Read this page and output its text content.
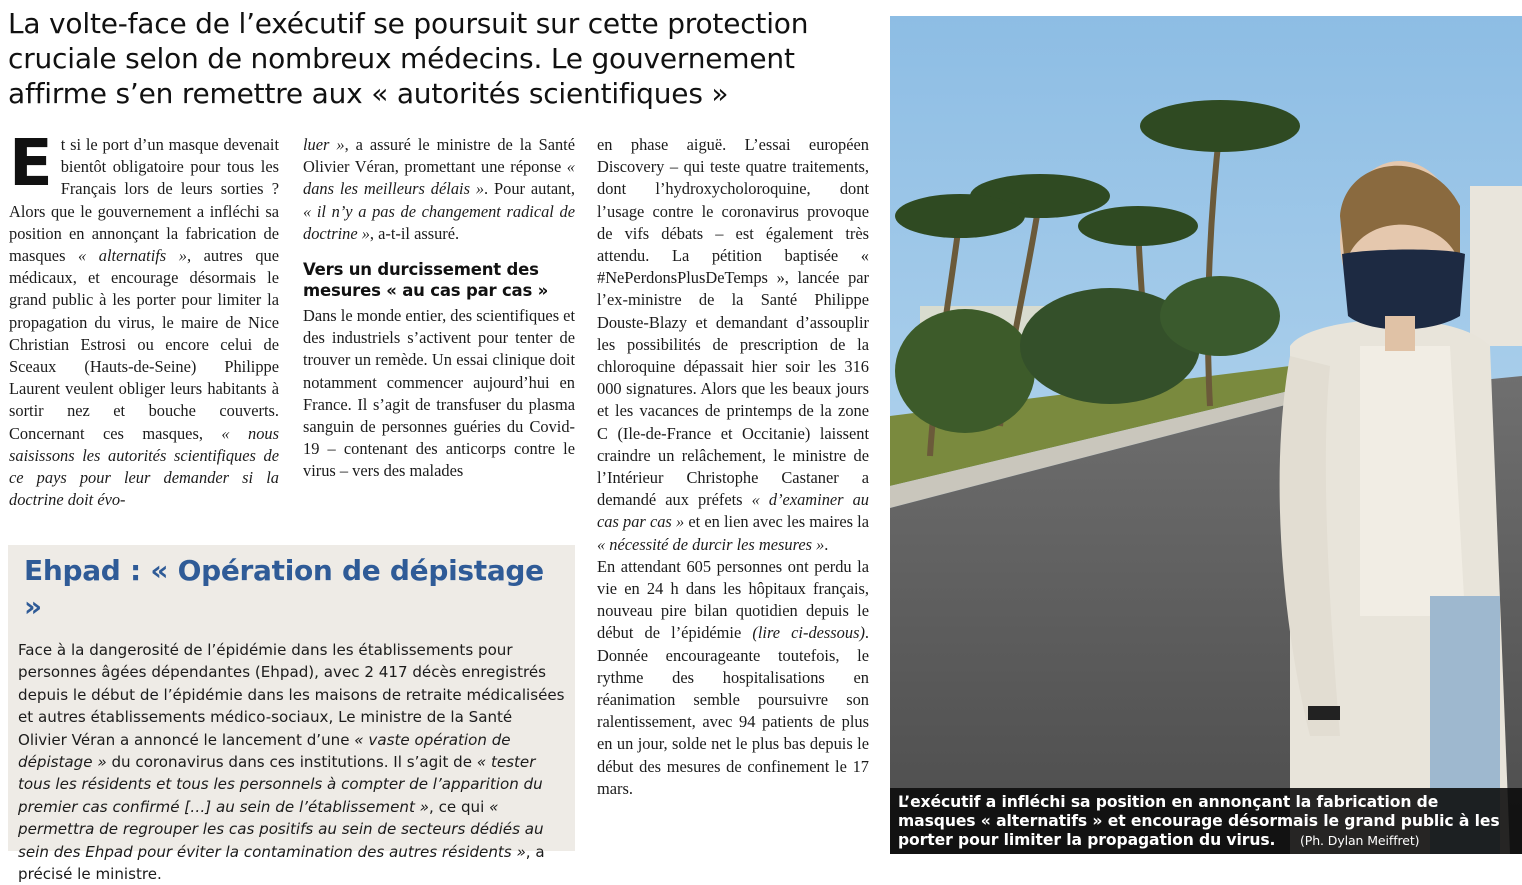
La volte-face de l’exécutif se poursuit sur cette protection cruciale selon de nombreux médecins. Le gouvernement affirme s’en remettre aux « autorités scientifiques »

Et si le port d’un masque devenait bientôt obligatoire pour tous les Français lors de leurs sorties ? Alors que le gouvernement a infléchi sa position en annonçant la fabrication de masques « alternatifs », autres que médicaux, et encourage désormais le grand public à les porter pour limiter la propagation du virus, le maire de Nice Christian Estrosi ou encore celui de Sceaux (Hauts-de-Seine) Philippe Laurent veulent obliger leurs habitants à sortir nez et bouche couverts. Concernant ces masques, « nous saisissons les autorités scientifiques de ce pays pour leur demander si la doctrine doit évo-

luer », a assuré le ministre de la Santé Olivier Véran, promettant une réponse « dans les meilleurs délais ». Pour autant, « il n’y a pas de changement radical de doctrine », a-t-il assuré.

Vers un durcissement des mesures « au cas par cas »

Dans le monde entier, des scientifiques et des industriels s’activent pour tenter de trouver un remède. Un essai clinique doit notamment commencer aujourd’hui en France. Il s’agit de transfuser du plasma sanguin de personnes guéries du Covid-19 – contenant des anticorps contre le virus – vers des malades

en phase aiguë. L’essai européen Discovery – qui teste quatre traitements, dont l’hydroxycholoroquine, dont l’usage contre le coronavirus provoque de vifs débats – est également très attendu. La pétition baptisée « #NePerdonsPlusDeTemps », lancée par l’ex-ministre de la Santé Philippe Douste-Blazy et demandant d’assouplir les possibilités de prescription de la chloroquine dépassait hier soir les 316 000 signatures. Alors que les beaux jours et les vacances de printemps de la zone C (Ile-de-France et Occitanie) laissent craindre un relâchement, le ministre de l’Intérieur Christophe Castaner a demandé aux préfets « d’examiner au cas par cas » et en lien avec les maires la « nécessité de durcir les mesures ».

En attendant 605 personnes ont perdu la vie en 24 h dans les hôpitaux français, nouveau pire bilan quotidien depuis le début de l’épidémie (lire ci-dessous). Donnée encourageante toutefois, le rythme des hospitalisations en réanimation semble poursuivre son ralentissement, avec 94 patients de plus en un jour, solde net le plus bas depuis le début des mesures de confinement le 17 mars.

Ehpad : « Opération de dépistage »
Face à la dangerosité de l’épidémie dans les établissements pour personnes âgées dépendantes (Ehpad), avec 2 417 décès enregistrés depuis le début de l’épidémie dans les maisons de retraite médicalisées et autres établissements médico-sociaux, Le ministre de la Santé Olivier Véran a annoncé le lancement d’une « vaste opération de dépistage » du coronavirus dans ces institutions. Il s’agit de « tester tous les résidents et tous les personnels à compter de l’apparition du premier cas confirmé […] au sein de l’établissement », ce qui « permettra de regrouper les cas positifs au sein de secteurs dédiés au sein des Ehpad pour éviter la contamination des autres résidents », a précisé le ministre.
L’exécutif a infléchi sa position en annonçant la fabrication de masques « alternatifs » et encourage désormais le grand public à les porter pour limiter la propagation du virus. (Ph. Dylan Meiffret)
